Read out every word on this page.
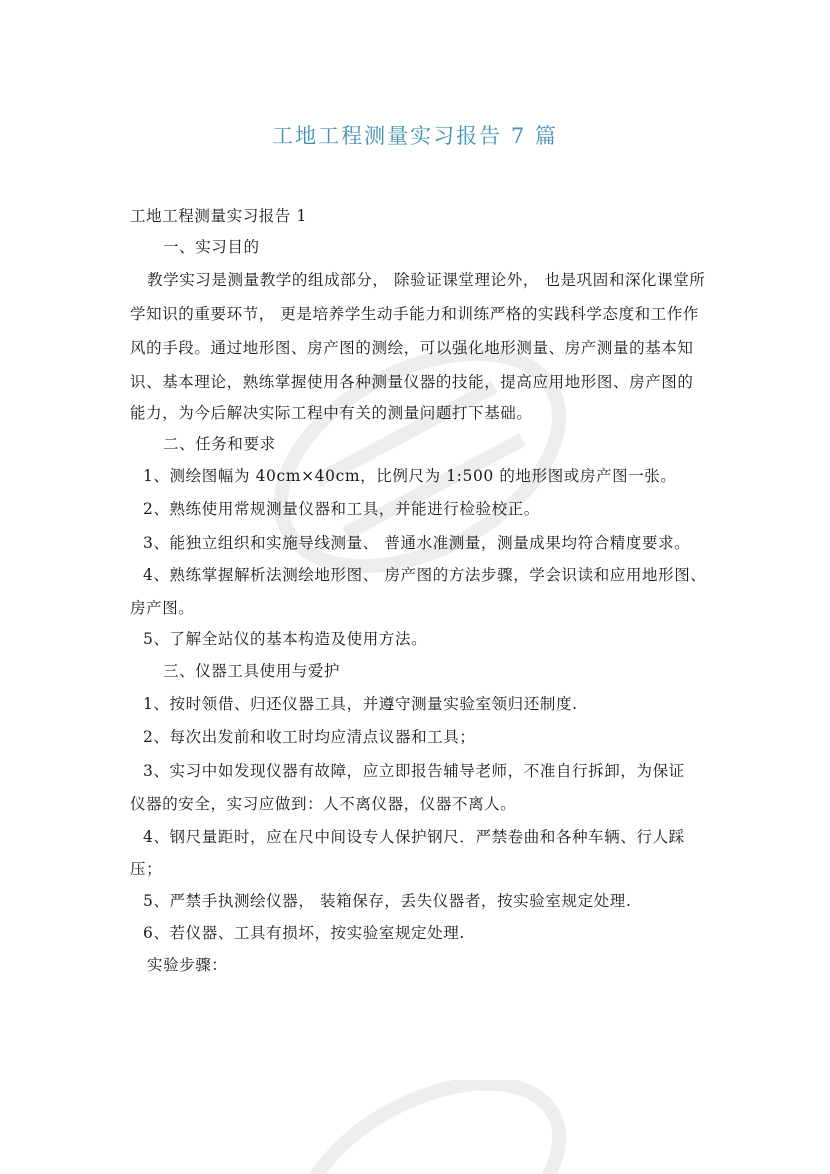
工地工程测量实习报告 7 篇
工地工程测量实习报告 1
一、实习目的
教学实习是测量教学的组成部分， 除验证课堂理论外， 也是巩固和深化课堂所
学知识的重要环节， 更是培养学生动手能力和训练严格的实践科学态度和工作作
风的手段。通过地形图、房产图的测绘，可以强化地形测量、房产测量的基本知
识、基本理论，熟练掌握使用各种测量仪器的技能，提高应用地形图、房产图的
能力，为今后解决实际工程中有关的测量问题打下基础。
二、任务和要求
1、测绘图幅为 40cm×40cm，比例尺为 1:500 的地形图或房产图一张。
2、熟练使用常规测量仪器和工具，并能进行检验校正。
3、能独立组织和实施导线测量、 普通水准测量，测量成果均符合精度要求。
4、熟练掌握解析法测绘地形图、 房产图的方法步骤，学会识读和应用地形图、
房产图。
5、了解全站仪的基本构造及使用方法。
三、仪器工具使用与爱护
1、按时领借、归还仪器工具，并遵守测量实验室领归还制度.
2、每次出发前和收工时均应清点议器和工具；
3、实习中如发现仪器有故障，应立即报告辅导老师，不准自行拆卸，为保证
仪器的安全，实习应做到：人不离仪器，仪器不离人。
4、钢尺量距时，应在尺中间设专人保护钢尺．严禁卷曲和各种车辆、行人踩
压；
5、严禁手执测绘仪器， 装箱保存，丢失仪器者，按实验室规定处理.
6、若仪器、工具有损坏，按实验室规定处理.
实验步骤：
